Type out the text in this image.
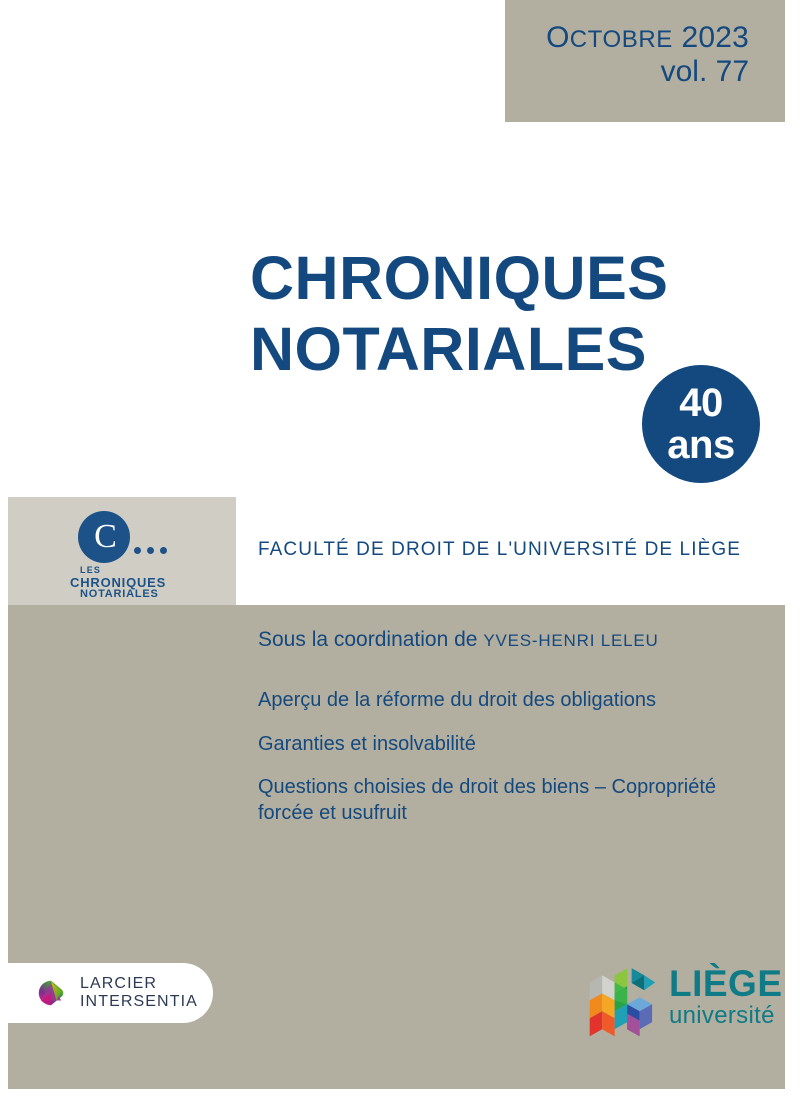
OCTOBRE 2023
vol. 77
CHRONIQUES
NOTARIALES
40
ans
C
LES
CHRONIQUES
NOTARIALES
FACULTÉ DE DROIT DE L'UNIVERSITÉ DE LIÈGE
Sous la coordination de YVES-HENRI LELEU
Aperçu de la réforme du droit des obligations
Garanties et insolvabilité
Questions choisies de droit des biens – Copropriété forcée et usufruit
LARCIER
INTERSENTIA	LIÈGE
université
